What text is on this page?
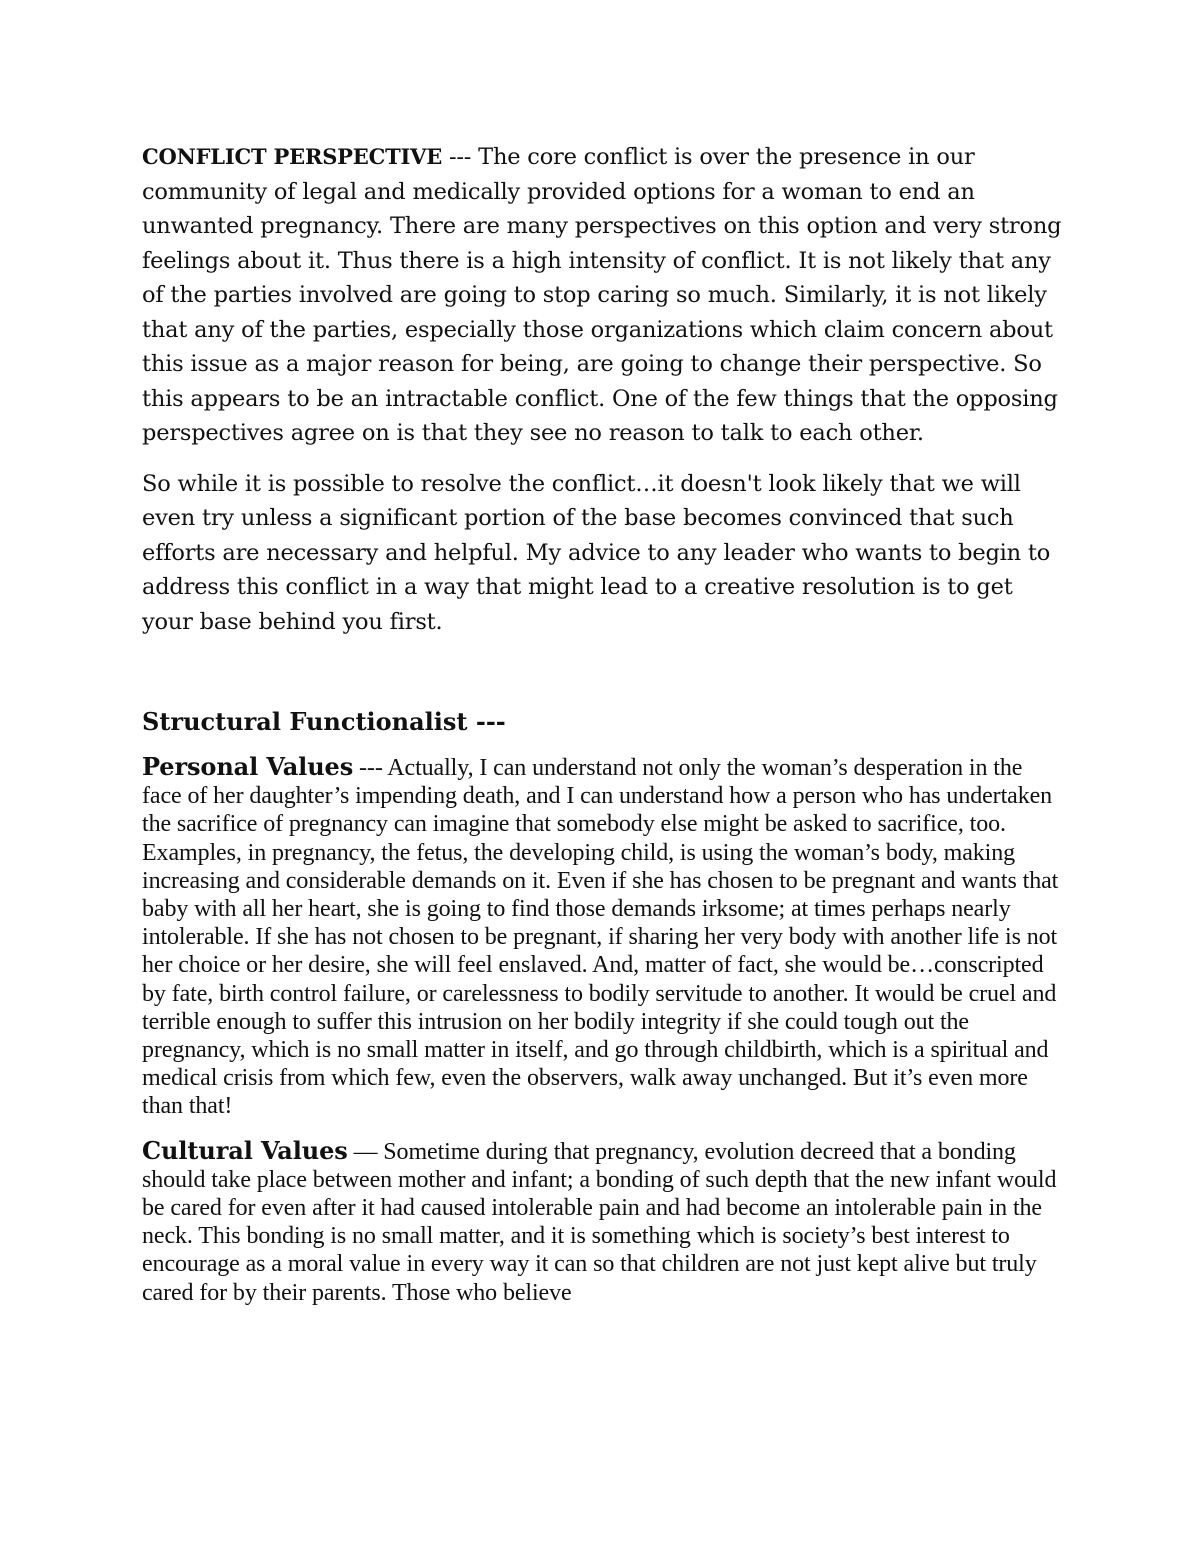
CONFLICT PERSPECTIVE --- The core conflict is over the presence in our community of legal and medically provided options for a woman to end an unwanted pregnancy. There are many perspectives on this option and very strong feelings about it. Thus there is a high intensity of conflict. It is not likely that any of the parties involved are going to stop caring so much. Similarly, it is not likely that any of the parties, especially those organizations which claim concern about this issue as a major reason for being, are going to change their perspective. So this appears to be an intractable conflict. One of the few things that the opposing perspectives agree on is that they see no reason to talk to each other.

So while it is possible to resolve the conflict…it doesn't look likely that we will even try unless a significant portion of the base becomes convinced that such efforts are necessary and helpful. My advice to any leader who wants to begin to address this conflict in a way that might lead to a creative resolution is to get your base behind you first.

Structural Functionalist ---

Personal Values --- Actually, I can understand not only the woman’s desperation in the face of her daughter’s impending death, and I can understand how a person who has undertaken the sacrifice of pregnancy can imagine that somebody else might be asked to sacrifice, too. Examples, in pregnancy, the fetus, the developing child, is using the woman’s body, making increasing and considerable demands on it. Even if she has chosen to be pregnant and wants that baby with all her heart, she is going to find those demands irksome; at times perhaps nearly intolerable. If she has not chosen to be pregnant, if sharing her very body with another life is not her choice or her desire, she will feel enslaved. And, matter of fact, she would be…conscripted by fate, birth control failure, or carelessness to bodily servitude to another. It would be cruel and terrible enough to suffer this intrusion on her bodily integrity if she could tough out the pregnancy, which is no small matter in itself, and go through childbirth, which is a spiritual and medical crisis from which few, even the observers, walk away unchanged. But it’s even more than that!

Cultural Values –– Sometime during that pregnancy, evolution decreed that a bonding should take place between mother and infant; a bonding of such depth that the new infant would be cared for even after it had caused intolerable pain and had become an intolerable pain in the neck. This bonding is no small matter, and it is something which is society’s best interest to encourage as a moral value in every way it can so that children are not just kept alive but truly cared for by their parents. Those who believe
